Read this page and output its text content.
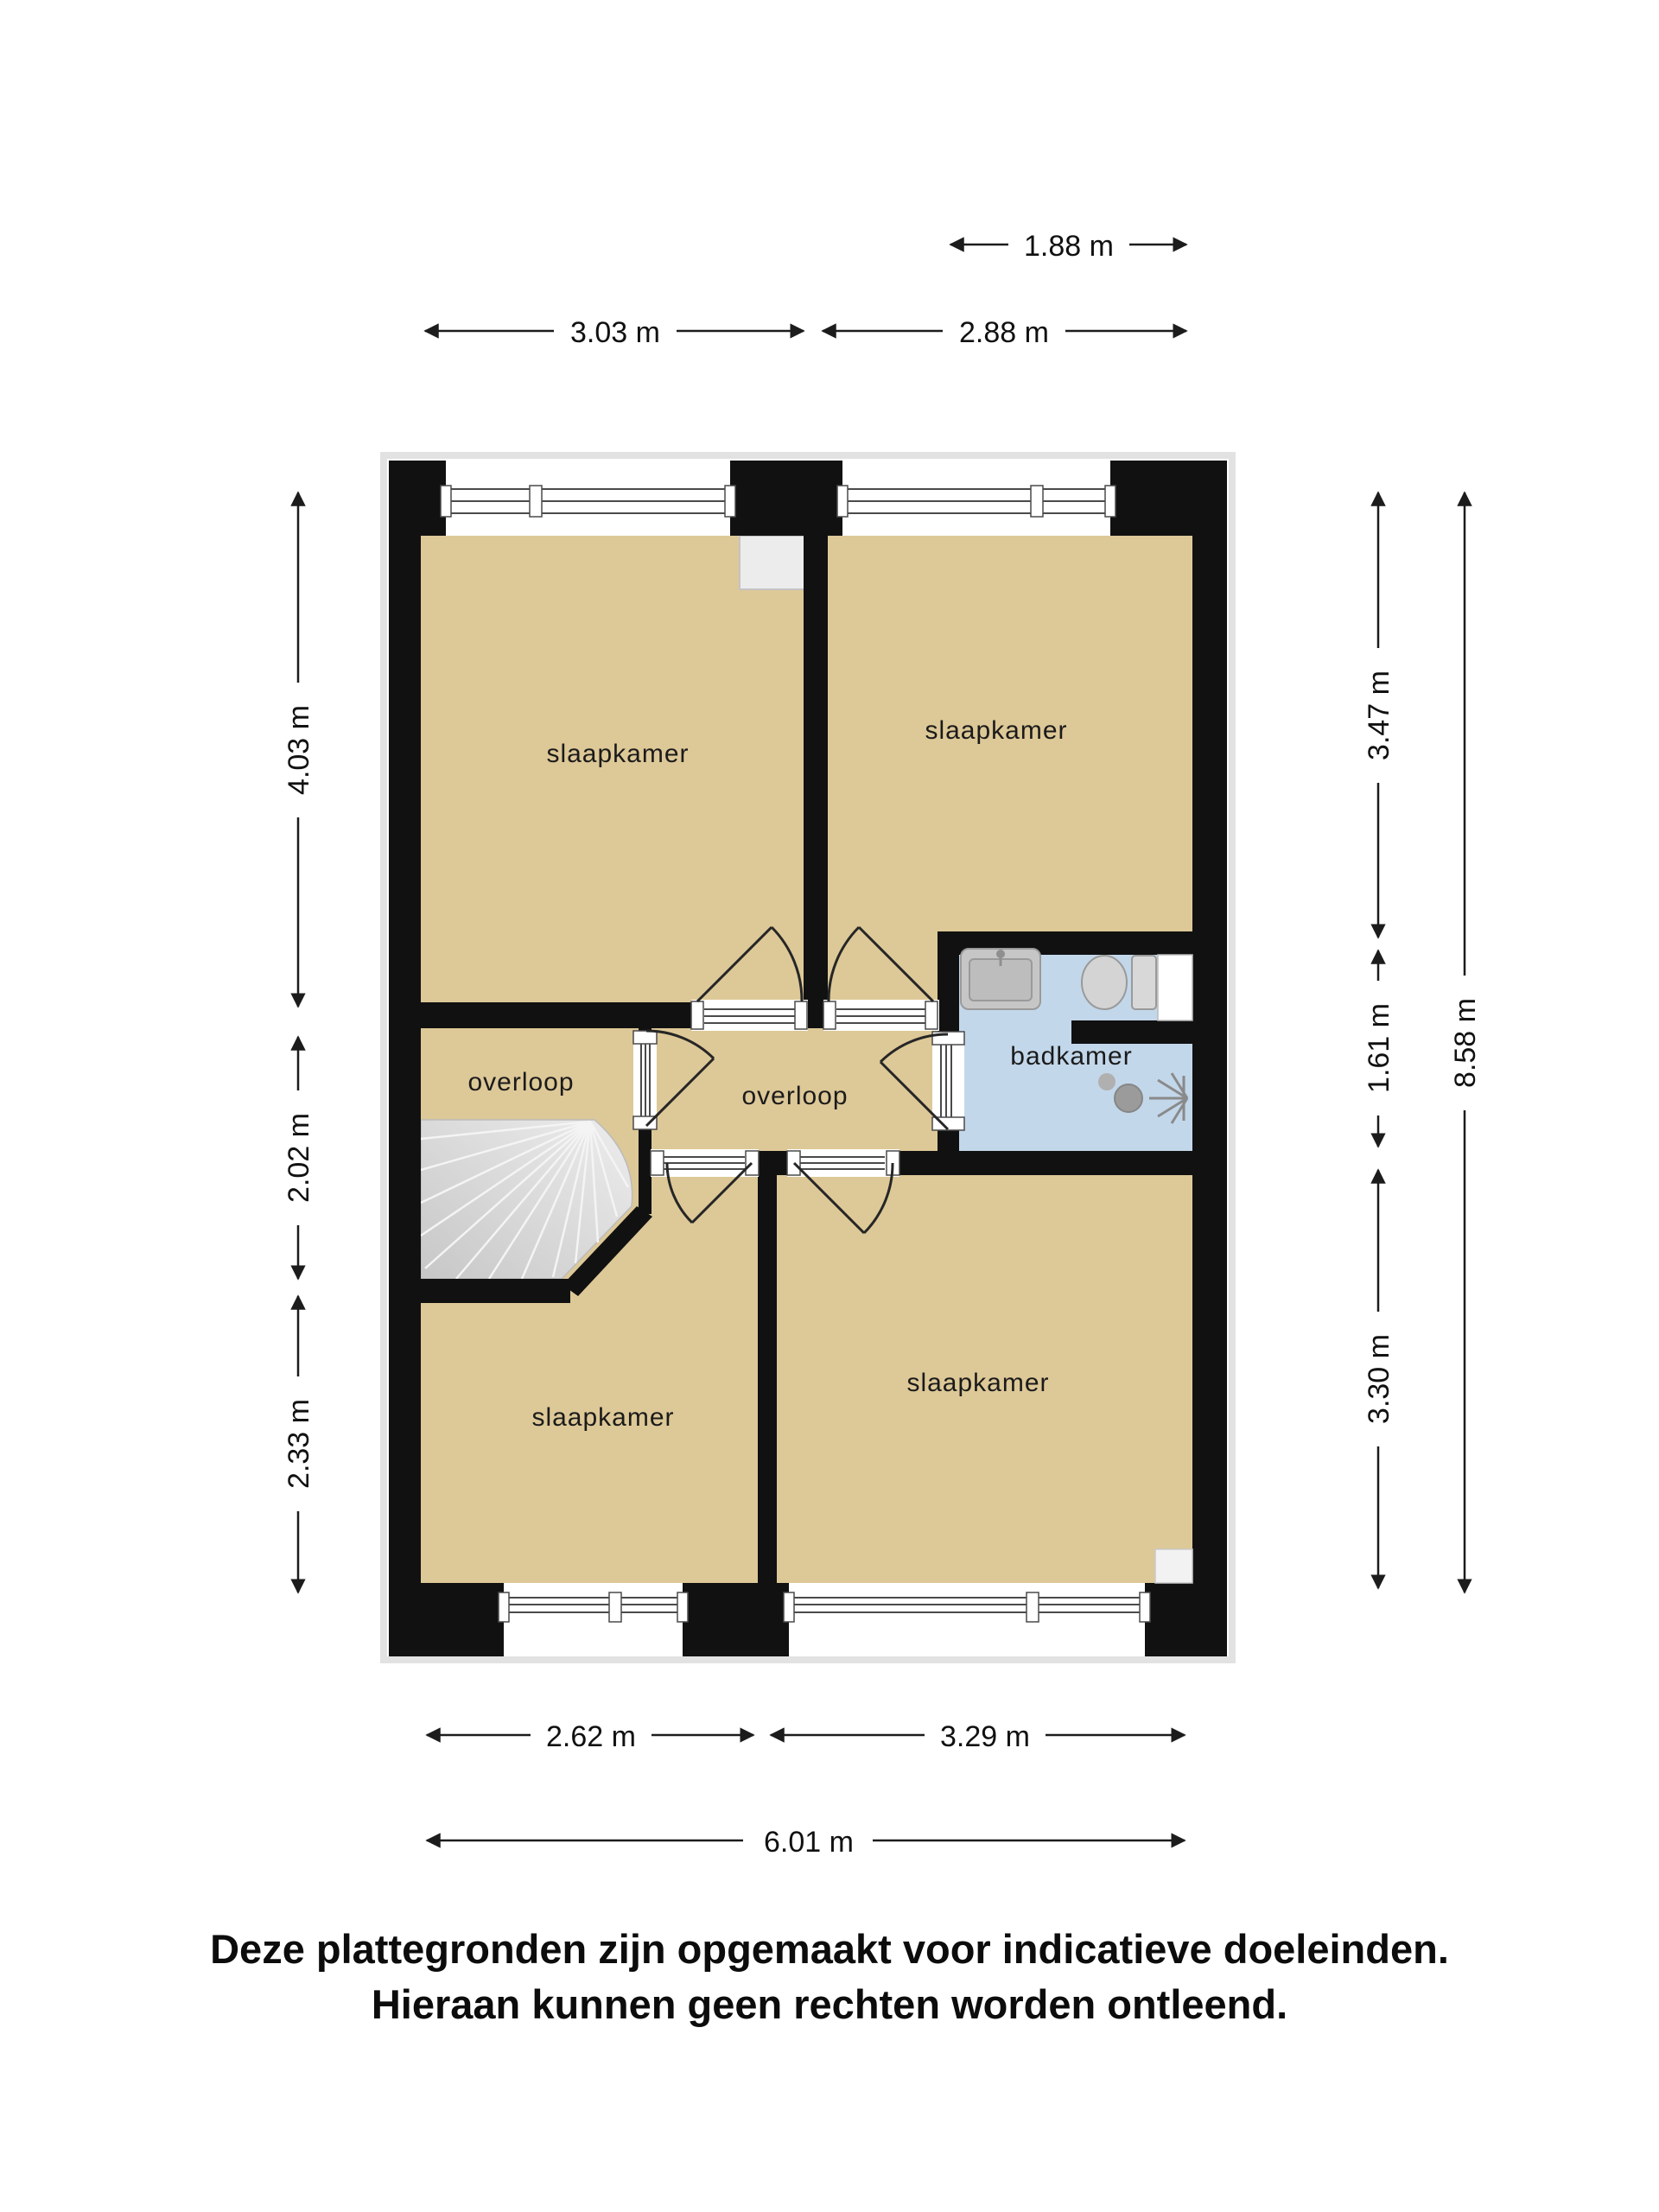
slaapkamer
slaapkamer
overloop	overloop
badkamer
slaapkamer
slaapkamer
1.88 m
3.03 m	2.88 m
4.03 m
2.02 m
2.33 m
3.47 m
1.61 m
3.30 m
8.58 m
2.62 m	3.29 m
6.01 m
Deze plattegronden zijn opgemaakt voor indicatieve doeleinden.
Hieraan kunnen geen rechten worden ontleend.
